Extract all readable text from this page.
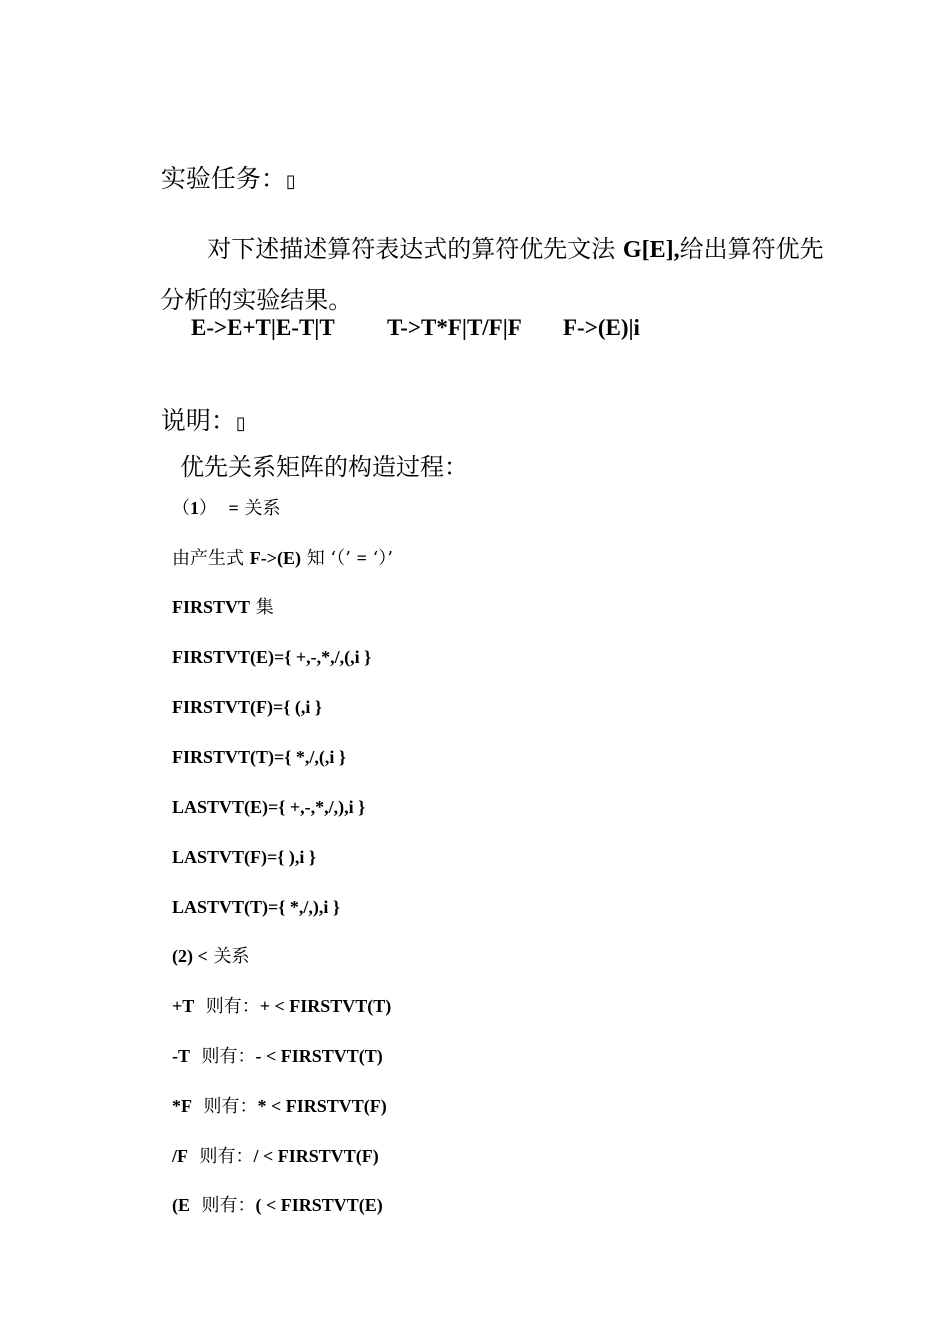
实验任务：▯

对下述描述算符表达式的算符优先文法 G[E],给出算符优先

分析的实验结果。

E->E+T|E-T|T T->T*F|T/F|F F->(E)|i

说明：▯

优先关系矩阵的构造过程：
（1）  = 关系
由产生式 F->(E) 知 ‘（’ = ‘）’
FIRSTVT 集
FIRSTVT(E)={ +,-,*,/,(,i }
FIRSTVT(F)={ (,i }
FIRSTVT(T)={ *,/,(,i }
LASTVT(E)={ +,-,*,/,),i }
LASTVT(F)={ ),i }
LASTVT(T)={ *,/,),i }
(2) < 关系
+T  则有：+ < FIRSTVT(T)
-T  则有：- < FIRSTVT(T)
*F  则有：* < FIRSTVT(F)
/F  则有：/ < FIRSTVT(F)
(E  则有：( < FIRSTVT(E)
